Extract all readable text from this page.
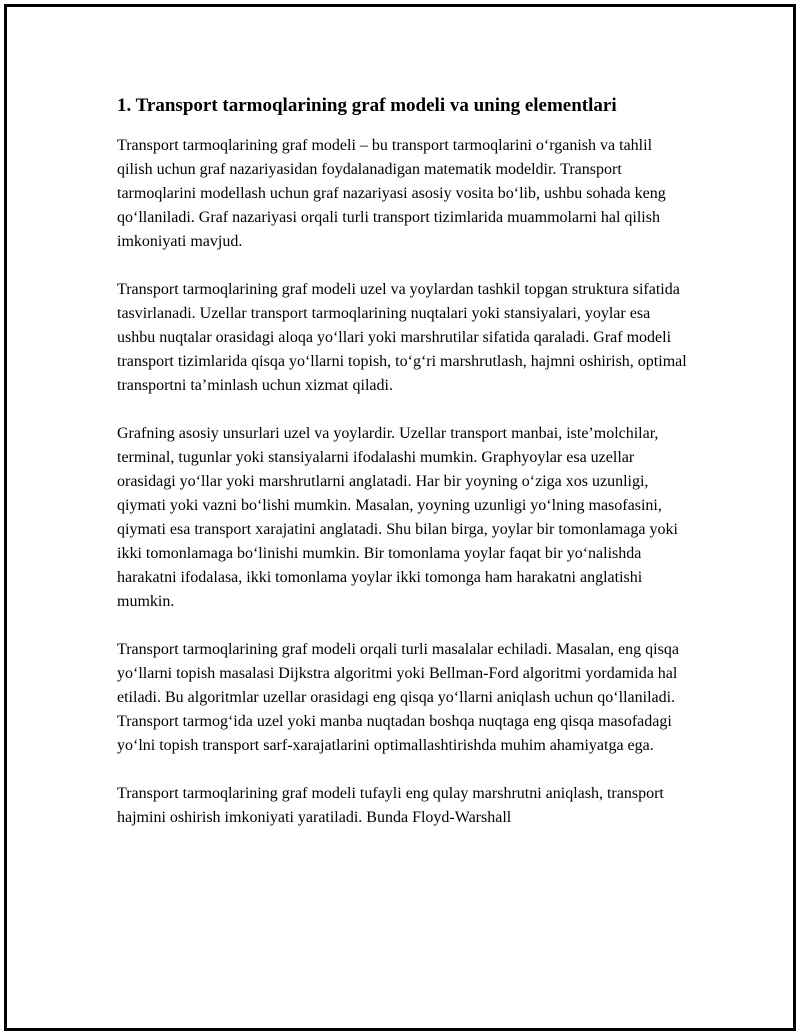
1. Transport tarmoqlarining graf modeli va uning elementlari

Transport tarmoqlarining graf modeli – bu transport tarmoqlarini o‘rganish va tahlil qilish uchun graf nazariyasidan foydalanadigan matematik modeldir. Transport tarmoqlarini modellash uchun graf nazariyasi asosiy vosita bo‘lib, ushbu sohada keng qo‘llaniladi. Graf nazariyasi orqali turli transport tizimlarida muammolarni hal qilish imkoniyati mavjud.

Transport tarmoqlarining graf modeli uzel va yoylardan tashkil topgan struktura sifatida tasvirlanadi. Uzellar transport tarmoqlarining nuqtalari yoki stansiyalari, yoylar esa ushbu nuqtalar orasidagi aloqa yo‘llari yoki marshrutilar sifatida qaraladi. Graf modeli transport tizimlarida qisqa yo‘llarni topish, to‘g‘ri marshrutlash, hajmni oshirish, optimal transportni ta’minlash uchun xizmat qiladi.

Grafning asosiy unsurlari uzel va yoylardir. Uzellar transport manbai, iste’molchilar, terminal, tugunlar yoki stansiyalarni ifodalashi mumkin. Graphyoylar esa uzellar orasidagi yo‘llar yoki marshrutlarni anglatadi. Har bir yoyning o‘ziga xos uzunligi, qiymati yoki vazni bo‘lishi mumkin. Masalan, yoyning uzunligi yo‘lning masofasini, qiymati esa transport xarajatini anglatadi. Shu bilan birga, yoylar bir tomonlamaga yoki ikki tomonlamaga bo‘linishi mumkin. Bir tomonlama yoylar faqat bir yo‘nalishda harakatni ifodalasa, ikki tomonlama yoylar ikki tomonga ham harakatni anglatishi mumkin.

Transport tarmoqlarining graf modeli orqali turli masalalar echiladi. Masalan, eng qisqa yo‘llarni topish masalasi Dijkstra algoritmi yoki Bellman-Ford algoritmi yordamida hal etiladi. Bu algoritmlar uzellar orasidagi eng qisqa yo‘llarni aniqlash uchun qo‘llaniladi. Transport tarmog‘ida uzel yoki manba nuqtadan boshqa nuqtaga eng qisqa masofadagi yo‘lni topish transport sarf-xarajatlarini optimallashtirishda muhim ahamiyatga ega.

Transport tarmoqlarining graf modeli tufayli eng qulay marshrutni aniqlash, transport hajmini oshirish imkoniyati yaratiladi. Bunda Floyd-Warshall
